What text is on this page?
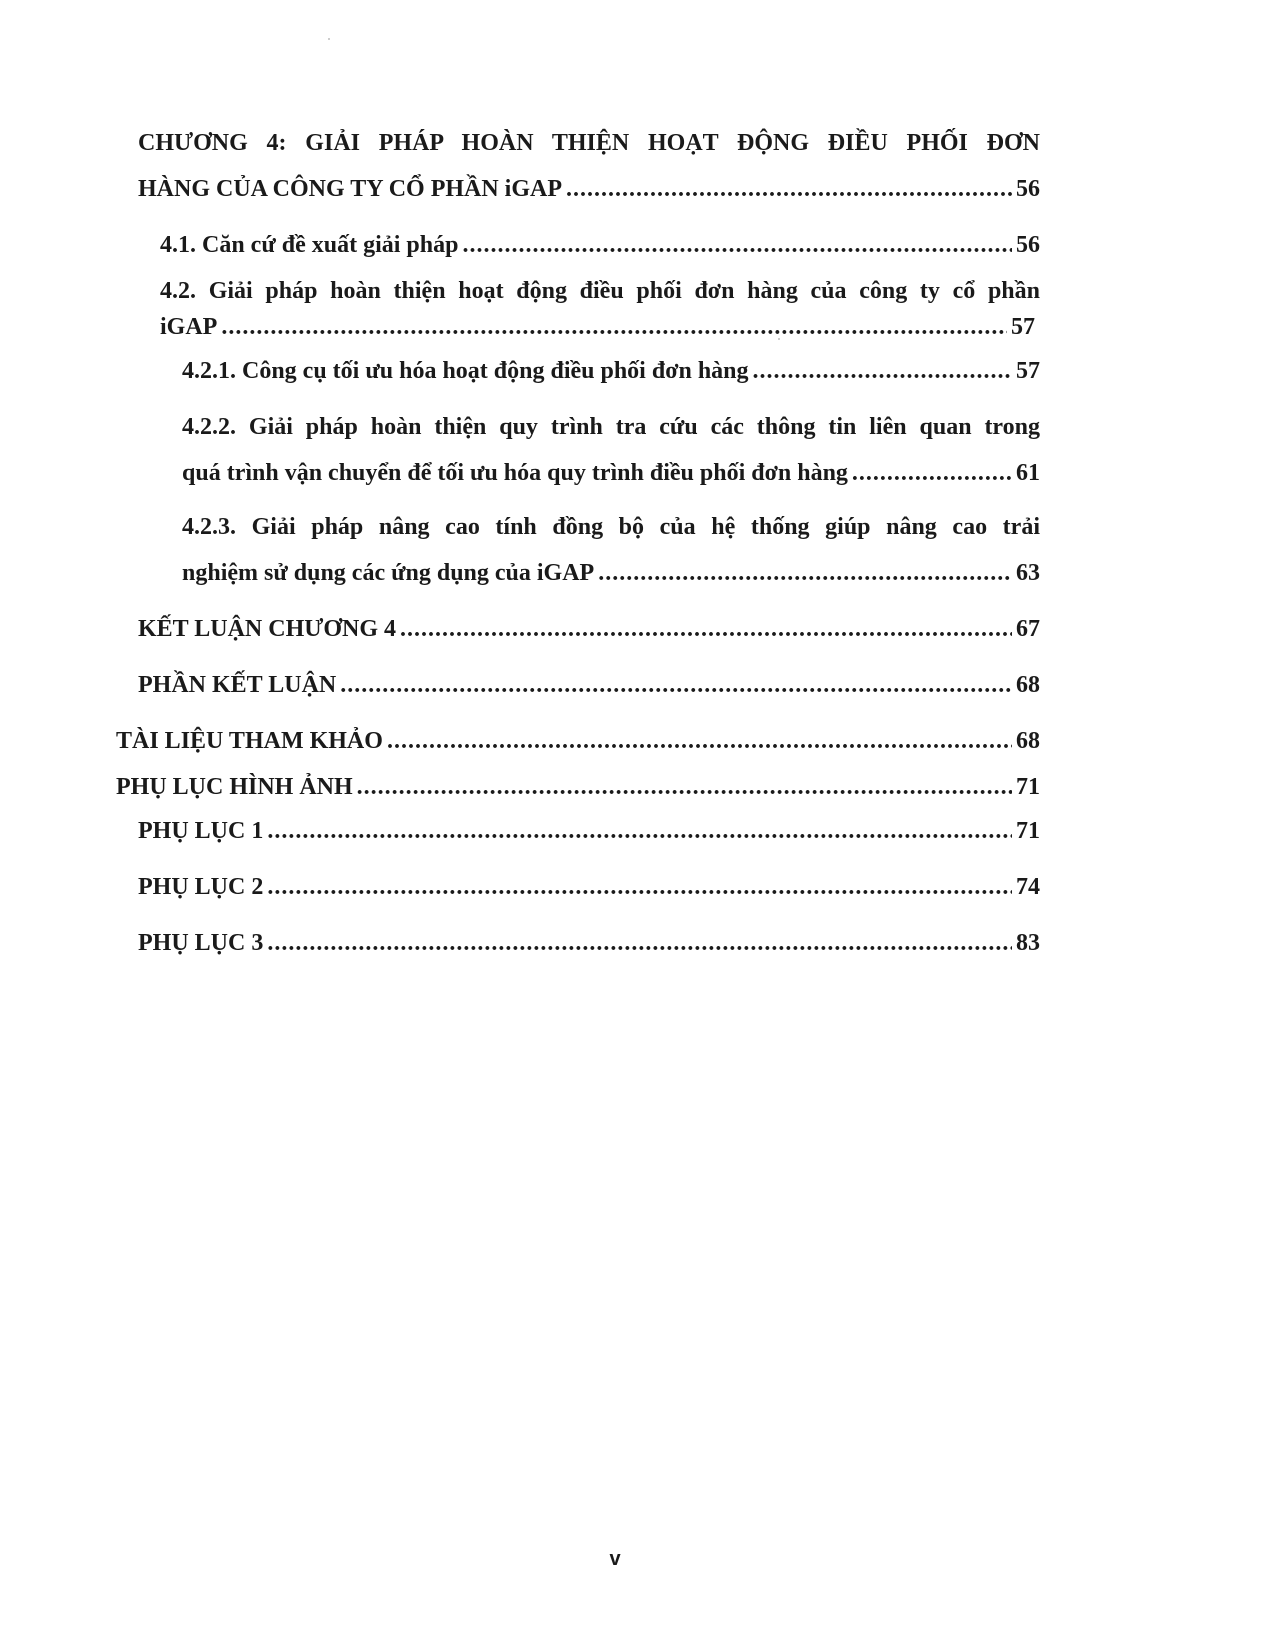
CHƯƠNG 4: GIẢI PHÁP HOÀN THIỆN HOẠT ĐỘNG ĐIỀU PHỐI ĐƠN
HÀNG CỦA CÔNG TY CỔ PHẦN iGAP .....	56
4.1. Căn cứ đề xuất giải pháp .....	56
4.2. Giải pháp hoàn thiện hoạt động điều phối đơn hàng của công ty cổ phần
iGAP .....	57
4.2.1. Công cụ tối ưu hóa hoạt động điều phối đơn hàng .....	57
4.2.2. Giải pháp hoàn thiện quy trình tra cứu các thông tin liên quan trong
quá trình vận chuyển để tối ưu hóa quy trình điều phối đơn hàng .....	61
4.2.3. Giải pháp nâng cao tính đồng bộ của hệ thống giúp nâng cao trải
nghiệm sử dụng các ứng dụng của iGAP .....	63
KẾT LUẬN CHƯƠNG 4 .....	67
PHẦN KẾT LUẬN .....	68
TÀI LIỆU THAM KHẢO .....	68
PHỤ LỤC HÌNH ẢNH .....	71
PHỤ LỤC 1 .....	71
PHỤ LỤC 2 .....	74
PHỤ LỤC 3 .....	83
v
